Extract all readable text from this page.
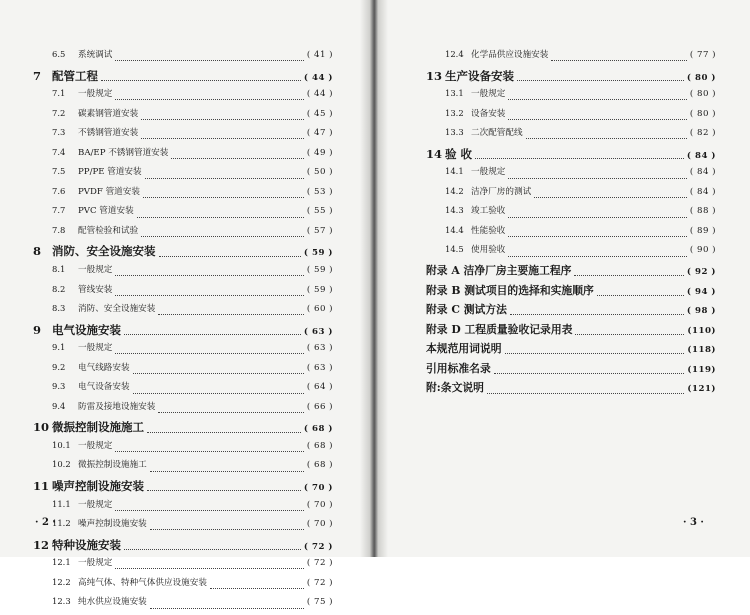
6.5	系统调试	( 41 )
7 配管工程	( 44 )
7.1	一般规定	( 44 )
7.2	碳素钢管道安装	( 45 )
7.3	不锈钢管道安装	( 47 )
7.4	BA/EP 不锈钢管道安装	( 49 )
7.5	PP/PE 管道安装	( 50 )
7.6	PVDF 管道安装	( 53 )
7.7	PVC 管道安装	( 55 )
7.8	配管检验和试验	( 57 )
8 消防、安全设施安装	( 59 )
8.1	一般规定	( 59 )
8.2	管线安装	( 59 )
8.3	消防、安全设施安装	( 60 )
9 电气设施安装	( 63 )
9.1	一般规定	( 63 )
9.2	电气线路安装	( 63 )
9.3	电气设备安装	( 64 )
9.4	防雷及接地设施安装	( 66 )
10 微振控制设施施工	( 68 )
10.1 一般规定	( 68 )
10.2 微振控制设施施工	( 68 )
11 噪声控制设施安装	( 70 )
11.1 一般规定	( 70 )
11.2 噪声控制设施安装	( 70 )
12 特种设施安装	( 72 )
12.1 一般规定	( 72 )
12.2 高纯气体、特种气体供应设施安装	( 72 )
12.3 纯水供应设施安装	( 75 )
· 2 ·
12.4 化学品供应设施安装	( 77 )
13 生产设备安装	( 80 )
13.1 一般规定	( 80 )
13.2 设备安装	( 80 )
13.3 二次配管配线	( 82 )
14 验 收	( 84 )
14.1 一般规定	( 84 )
14.2 洁净厂房的测试	( 84 )
14.3 竣工验收	( 88 )
14.4 性能验收	( 89 )
14.5 使用验收	( 90 )
附录 A 洁净厂房主要施工程序	( 92 )
附录 B 测试项目的选择和实施顺序	( 94 )
附录 C 测试方法	( 98 )
附录 D 工程质量验收记录用表	(110)
本规范用词说明	(118)
引用标准名录	(119)
附:条文说明	(121)
· 3 ·
